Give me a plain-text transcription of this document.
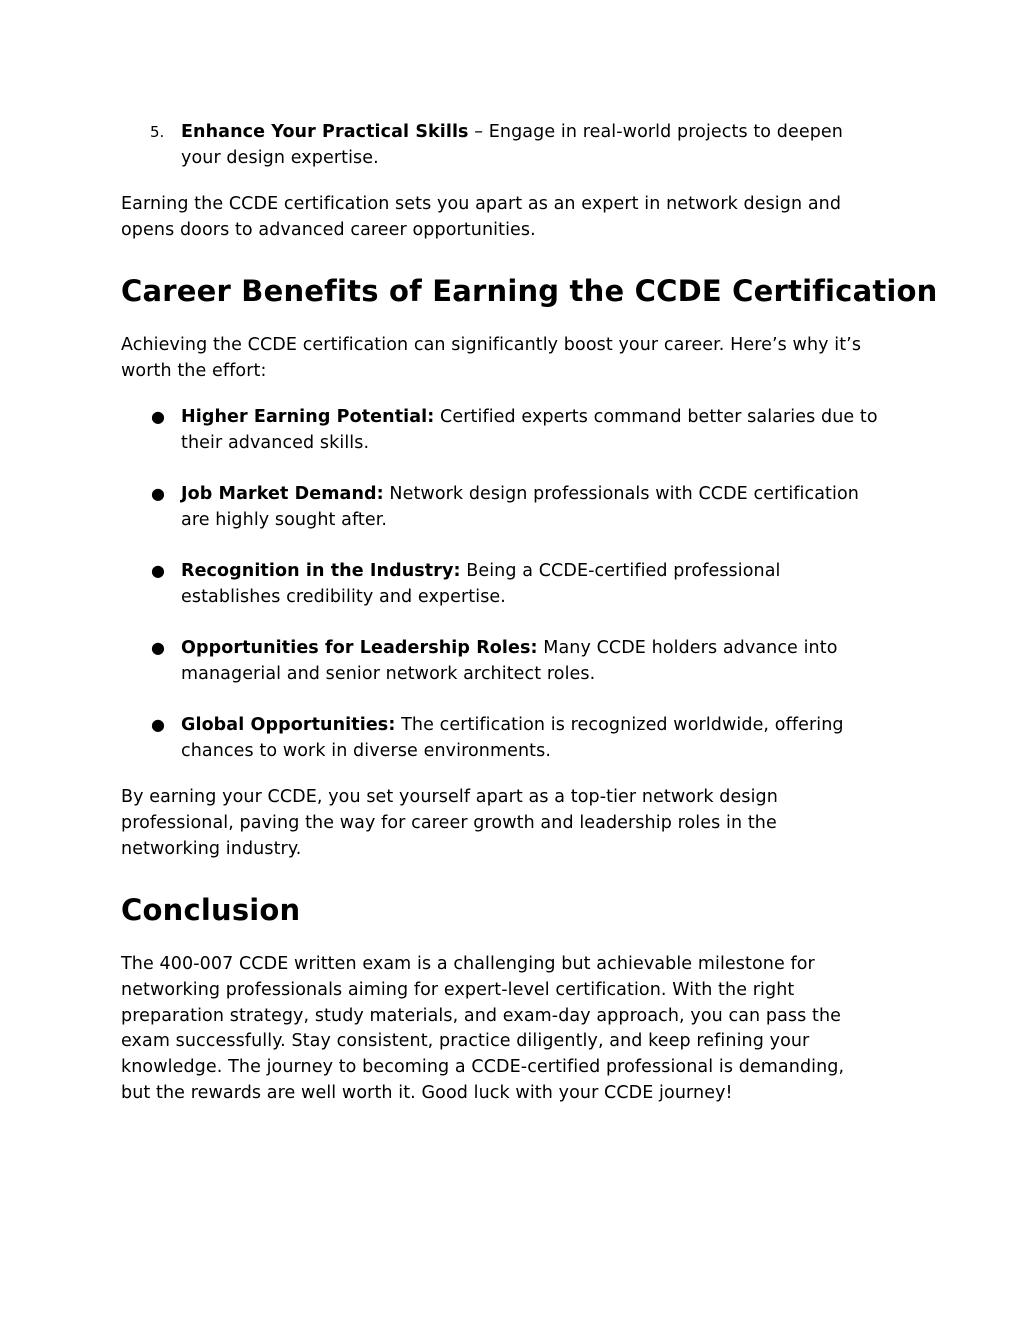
5. Enhance Your Practical Skills – Engage in real-world projects to deepen
your design expertise.
Earning the CCDE certification sets you apart as an expert in network design and
opens doors to advanced career opportunities.
Career Benefits of Earning the CCDE Certification
Achieving the CCDE certification can significantly boost your career. Here’s why it’s
worth the effort:
● Higher Earning Potential: Certified experts command better salaries due to
their advanced skills.
● Job Market Demand: Network design professionals with CCDE certification
are highly sought after.
● Recognition in the Industry: Being a CCDE-certified professional
establishes credibility and expertise.
● Opportunities for Leadership Roles: Many CCDE holders advance into
managerial and senior network architect roles.
● Global Opportunities: The certification is recognized worldwide, offering
chances to work in diverse environments.
By earning your CCDE, you set yourself apart as a top-tier network design
professional, paving the way for career growth and leadership roles in the
networking industry.
Conclusion
The 400-007 CCDE written exam is a challenging but achievable milestone for
networking professionals aiming for expert-level certification. With the right
preparation strategy, study materials, and exam-day approach, you can pass the
exam successfully. Stay consistent, practice diligently, and keep refining your
knowledge. The journey to becoming a CCDE-certified professional is demanding,
but the rewards are well worth it. Good luck with your CCDE journey!
